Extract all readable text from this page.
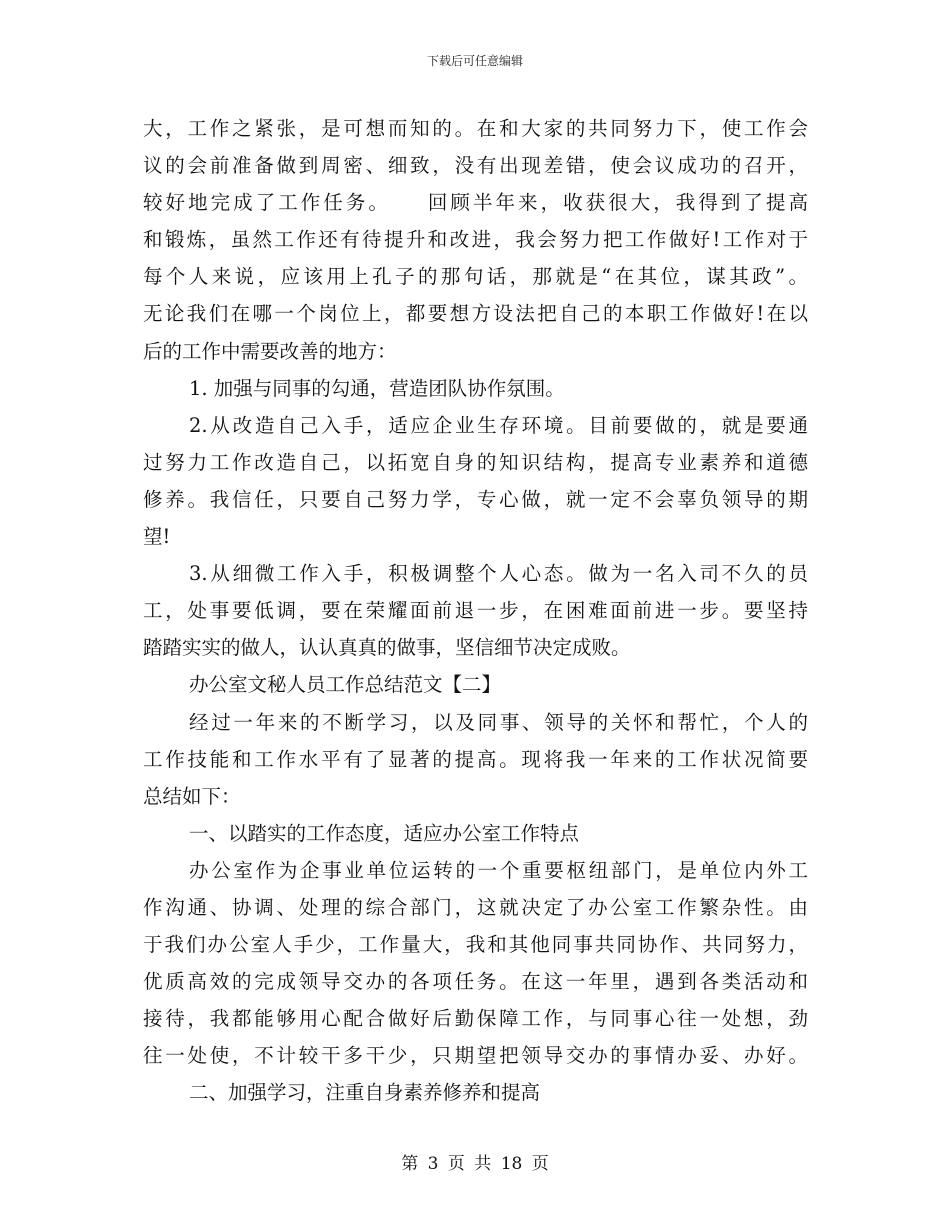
下载后可任意编辑
大，工作之紧张，是可想而知的。在和大家的共同努力下，使工作会
议的会前准备做到周密、细致，没有出现差错，使会议成功的召开，
较好地完成了工作任务。    回顾半年来，收获很大，我得到了提高
和锻炼，虽然工作还有待提升和改进，我会努力把工作做好!工作对于
每个人来说，应该用上孔子的那句话，那就是“在其位，谋其政”。
无论我们在哪一个岗位上，都要想方设法把自己的本职工作做好!在以
后的工作中需要改善的地方：
1. 加强与同事的勾通，营造团队协作氛围。
2.从改造自己入手，适应企业生存环境。目前要做的，就是要通
过努力工作改造自己，以拓宽自身的知识结构，提高专业素养和道德
修养。我信任，只要自己努力学，专心做，就一定不会辜负领导的期
望!
3.从细微工作入手，积极调整个人心态。做为一名入司不久的员
工，处事要低调，要在荣耀面前退一步，在困难面前进一步。要坚持
踏踏实实的做人，认认真真的做事，坚信细节决定成败。
办公室文秘人员工作总结范文【二】
经过一年来的不断学习，以及同事、领导的关怀和帮忙，个人的
工作技能和工作水平有了显著的提高。现将我一年来的工作状况简要
总结如下：
一、以踏实的工作态度，适应办公室工作特点
办公室作为企事业单位运转的一个重要枢纽部门，是单位内外工
作沟通、协调、处理的综合部门，这就决定了办公室工作繁杂性。由
于我们办公室人手少，工作量大，我和其他同事共同协作、共同努力，
优质高效的完成领导交办的各项任务。在这一年里，遇到各类活动和
接待，我都能够用心配合做好后勤保障工作，与同事心往一处想，劲
往一处使，不计较干多干少，只期望把领导交办的事情办妥、办好。
二、加强学习，注重自身素养修养和提高
第 3 页 共 18 页
